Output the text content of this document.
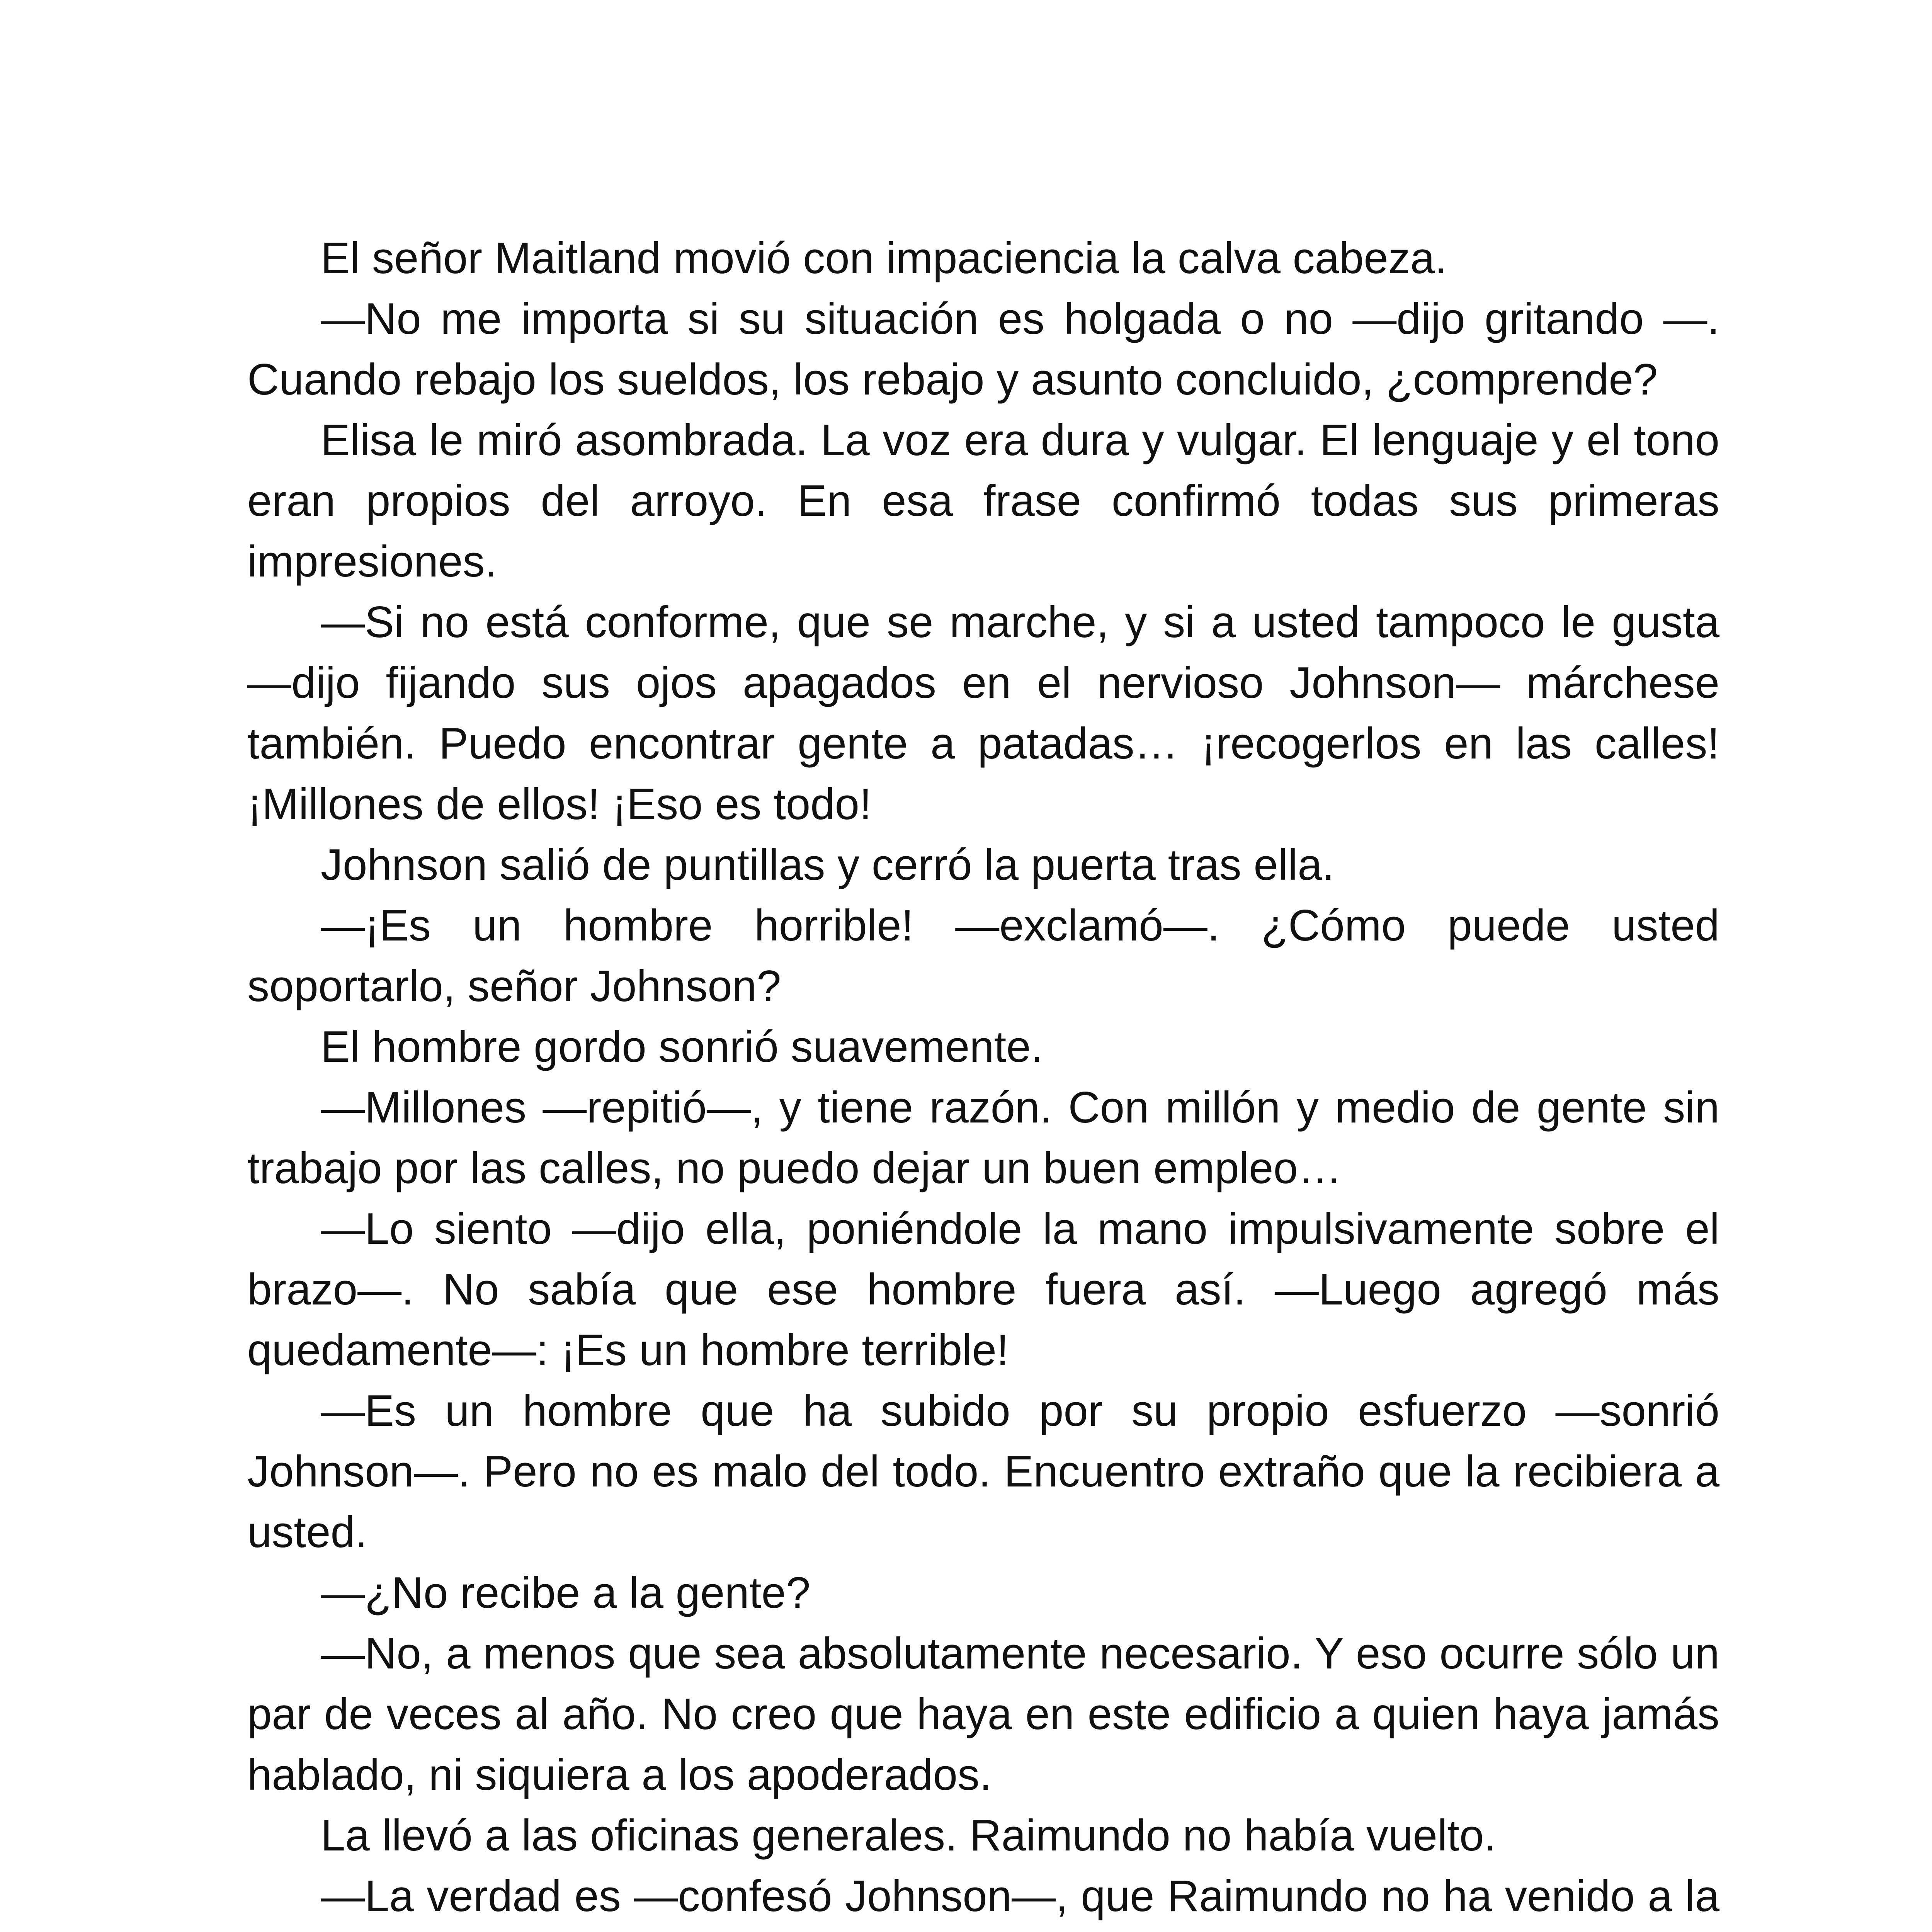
El señor Maitland movió con impaciencia la calva cabeza.

—No me importa si su situación es holgada o no —dijo gritando —. Cuando rebajo los sueldos, los rebajo y asunto concluido, ¿comprende?

Elisa le miró asombrada. La voz era dura y vulgar. El lenguaje y el tono eran propios del arroyo. En esa frase confirmó todas sus primeras impresiones.

—Si no está conforme, que se marche, y si a usted tampoco le gusta —dijo fijando sus ojos apagados en el nervioso Johnson— márchese también. Puedo encontrar gente a patadas… ¡recogerlos en las calles! ¡Millones de ellos! ¡Eso es todo!

Johnson salió de puntillas y cerró la puerta tras ella.

—¡Es un hombre horrible! —exclamó—. ¿Cómo puede usted soportarlo, señor Johnson?

El hombre gordo sonrió suavemente.

—Millones —repitió—, y tiene razón. Con millón y medio de gente sin trabajo por las calles, no puedo dejar un buen empleo…

—Lo siento —dijo ella, poniéndole la mano impulsivamente sobre el brazo—. No sabía que ese hombre fuera así. —Luego agregó más quedamente—: ¡Es un hombre terrible!

—Es un hombre que ha subido por su propio esfuerzo —sonrió Johnson—. Pero no es malo del todo. Encuentro extraño que la recibiera a usted.

—¿No recibe a la gente?

—No, a menos que sea absolutamente necesario. Y eso ocurre sólo un par de veces al año. No creo que haya en este edificio a quien haya jamás hablado, ni siquiera a los apoderados.

La llevó a las oficinas generales. Raimundo no había vuelto.

—La verdad es —confesó Johnson—, que Raimundo no ha venido a la
